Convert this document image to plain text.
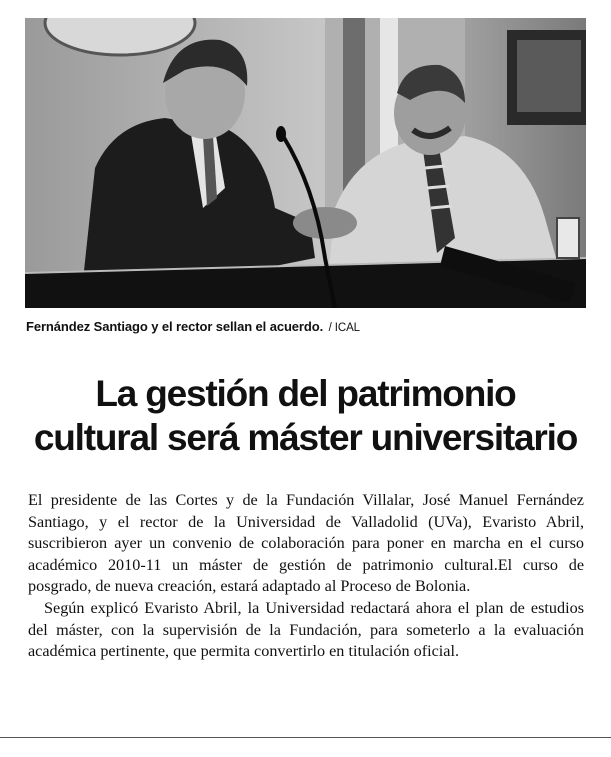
Fernández Santiago y el rector sellan el acuerdo. / ICAL
La gestión del patrimonio
cultural será máster universitario

El presidente de las Cortes y de la Fundación Villalar, José Manuel Fernández Santiago, y el rector de la Universidad de Valladolid (UVa), Evaristo Abril, suscribieron ayer un convenio de colaboración para poner en marcha en el curso académico 2010-11 un máster de gestión de patrimonio cultural.El curso de posgrado, de nueva creación, estará adaptado al Proceso de Bolonia.

Según explicó Evaristo Abril, la Universidad redactará ahora el plan de estudios del máster, con la supervisión de la Fundación, para someterlo a la evaluación académica pertinente, que permita convertirlo en titulación oficial.
